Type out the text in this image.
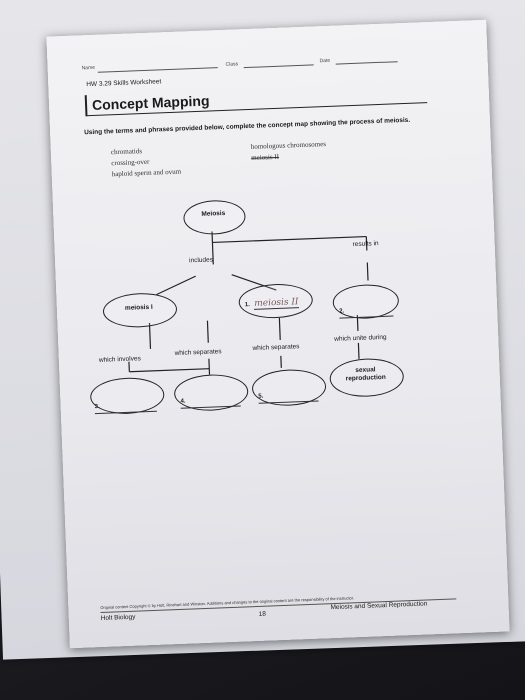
Name
Class
Date
HW 3.29 Skills Worksheet
Concept Mapping
Using the terms and phrases provided below, complete the concept map showing the process of meiosis.
chromatids
crossing-over
haploid sperm and ovum
homologous chromosomes
meiosis II
Meiosis
includes
results in
meiosis I	1. meiosis II
2.
which involves
which separates
which separates
which unite during
3.
4.
5.
sexual reproduction
Original content Copyright © by Holt, Rinehart and Winston. Additions and changes to the original content are the responsibility of the instructor.
Holt Biology	18
Meiosis and Sexual Reproduction
